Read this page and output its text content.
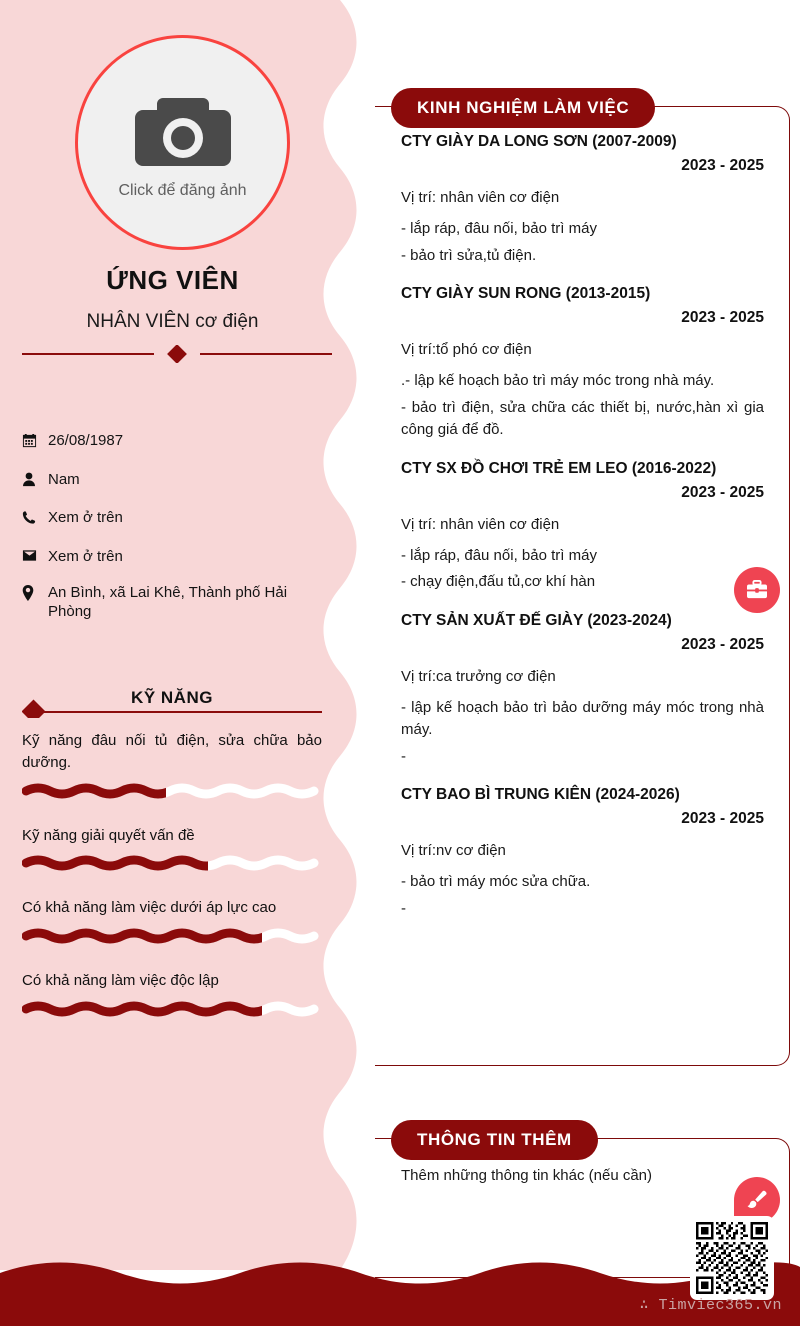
Click để đăng ảnh
ỨNG VIÊN
NHÂN VIÊN cơ điện
26/08/1987
Nam
Xem ở trên
Xem ở trên
An Bình, xã Lai Khê, Thành phố Hải Phòng
KỸ NĂNG
Kỹ năng đâu nối tủ điện, sửa chữa bảo dưỡng.
Kỹ năng giải quyết vấn đề
Có khả năng làm việc dưới áp lực cao
Có khả năng làm việc độc lập
KINH NGHIỆM LÀM VIỆC
CTY GIÀY DA LONG SƠN (2007-2009)
2023 - 2025
Vị trí: nhân viên cơ điện
- lắp ráp, đâu nối, bảo trì máy
- bảo trì sửa,tủ điện.
CTY GIÀY SUN RONG (2013-2015)
2023 - 2025
Vị trí:tổ phó cơ điện
.- lập kế hoạch bảo trì máy móc trong nhà máy.
- bảo trì điện, sửa chữa các thiết bị, nước,hàn xì gia công giá để đồ.
CTY SX ĐỒ CHƠI TRẺ EM LEO (2016-2022)
2023 - 2025
Vị trí: nhân viên cơ điện
- lắp ráp, đâu nối, bảo trì máy
- chạy điện,đấu tủ,cơ khí hàn
CTY SẢN XUẤT ĐẾ GIÀY (2023-2024)
2023 - 2025
Vị trí:ca trưởng cơ điện
- lập kế hoạch bảo trì bảo dưỡng máy móc trong nhà máy.
-
CTY BAO BÌ TRUNG KIÊN (2024-2026)
2023 - 2025
Vị trí:nv cơ điện
- bảo trì máy móc sửa chữa.
-
THÔNG TIN THÊM
Thêm những thông tin khác (nếu cần)
∴ Timviec365.vn
